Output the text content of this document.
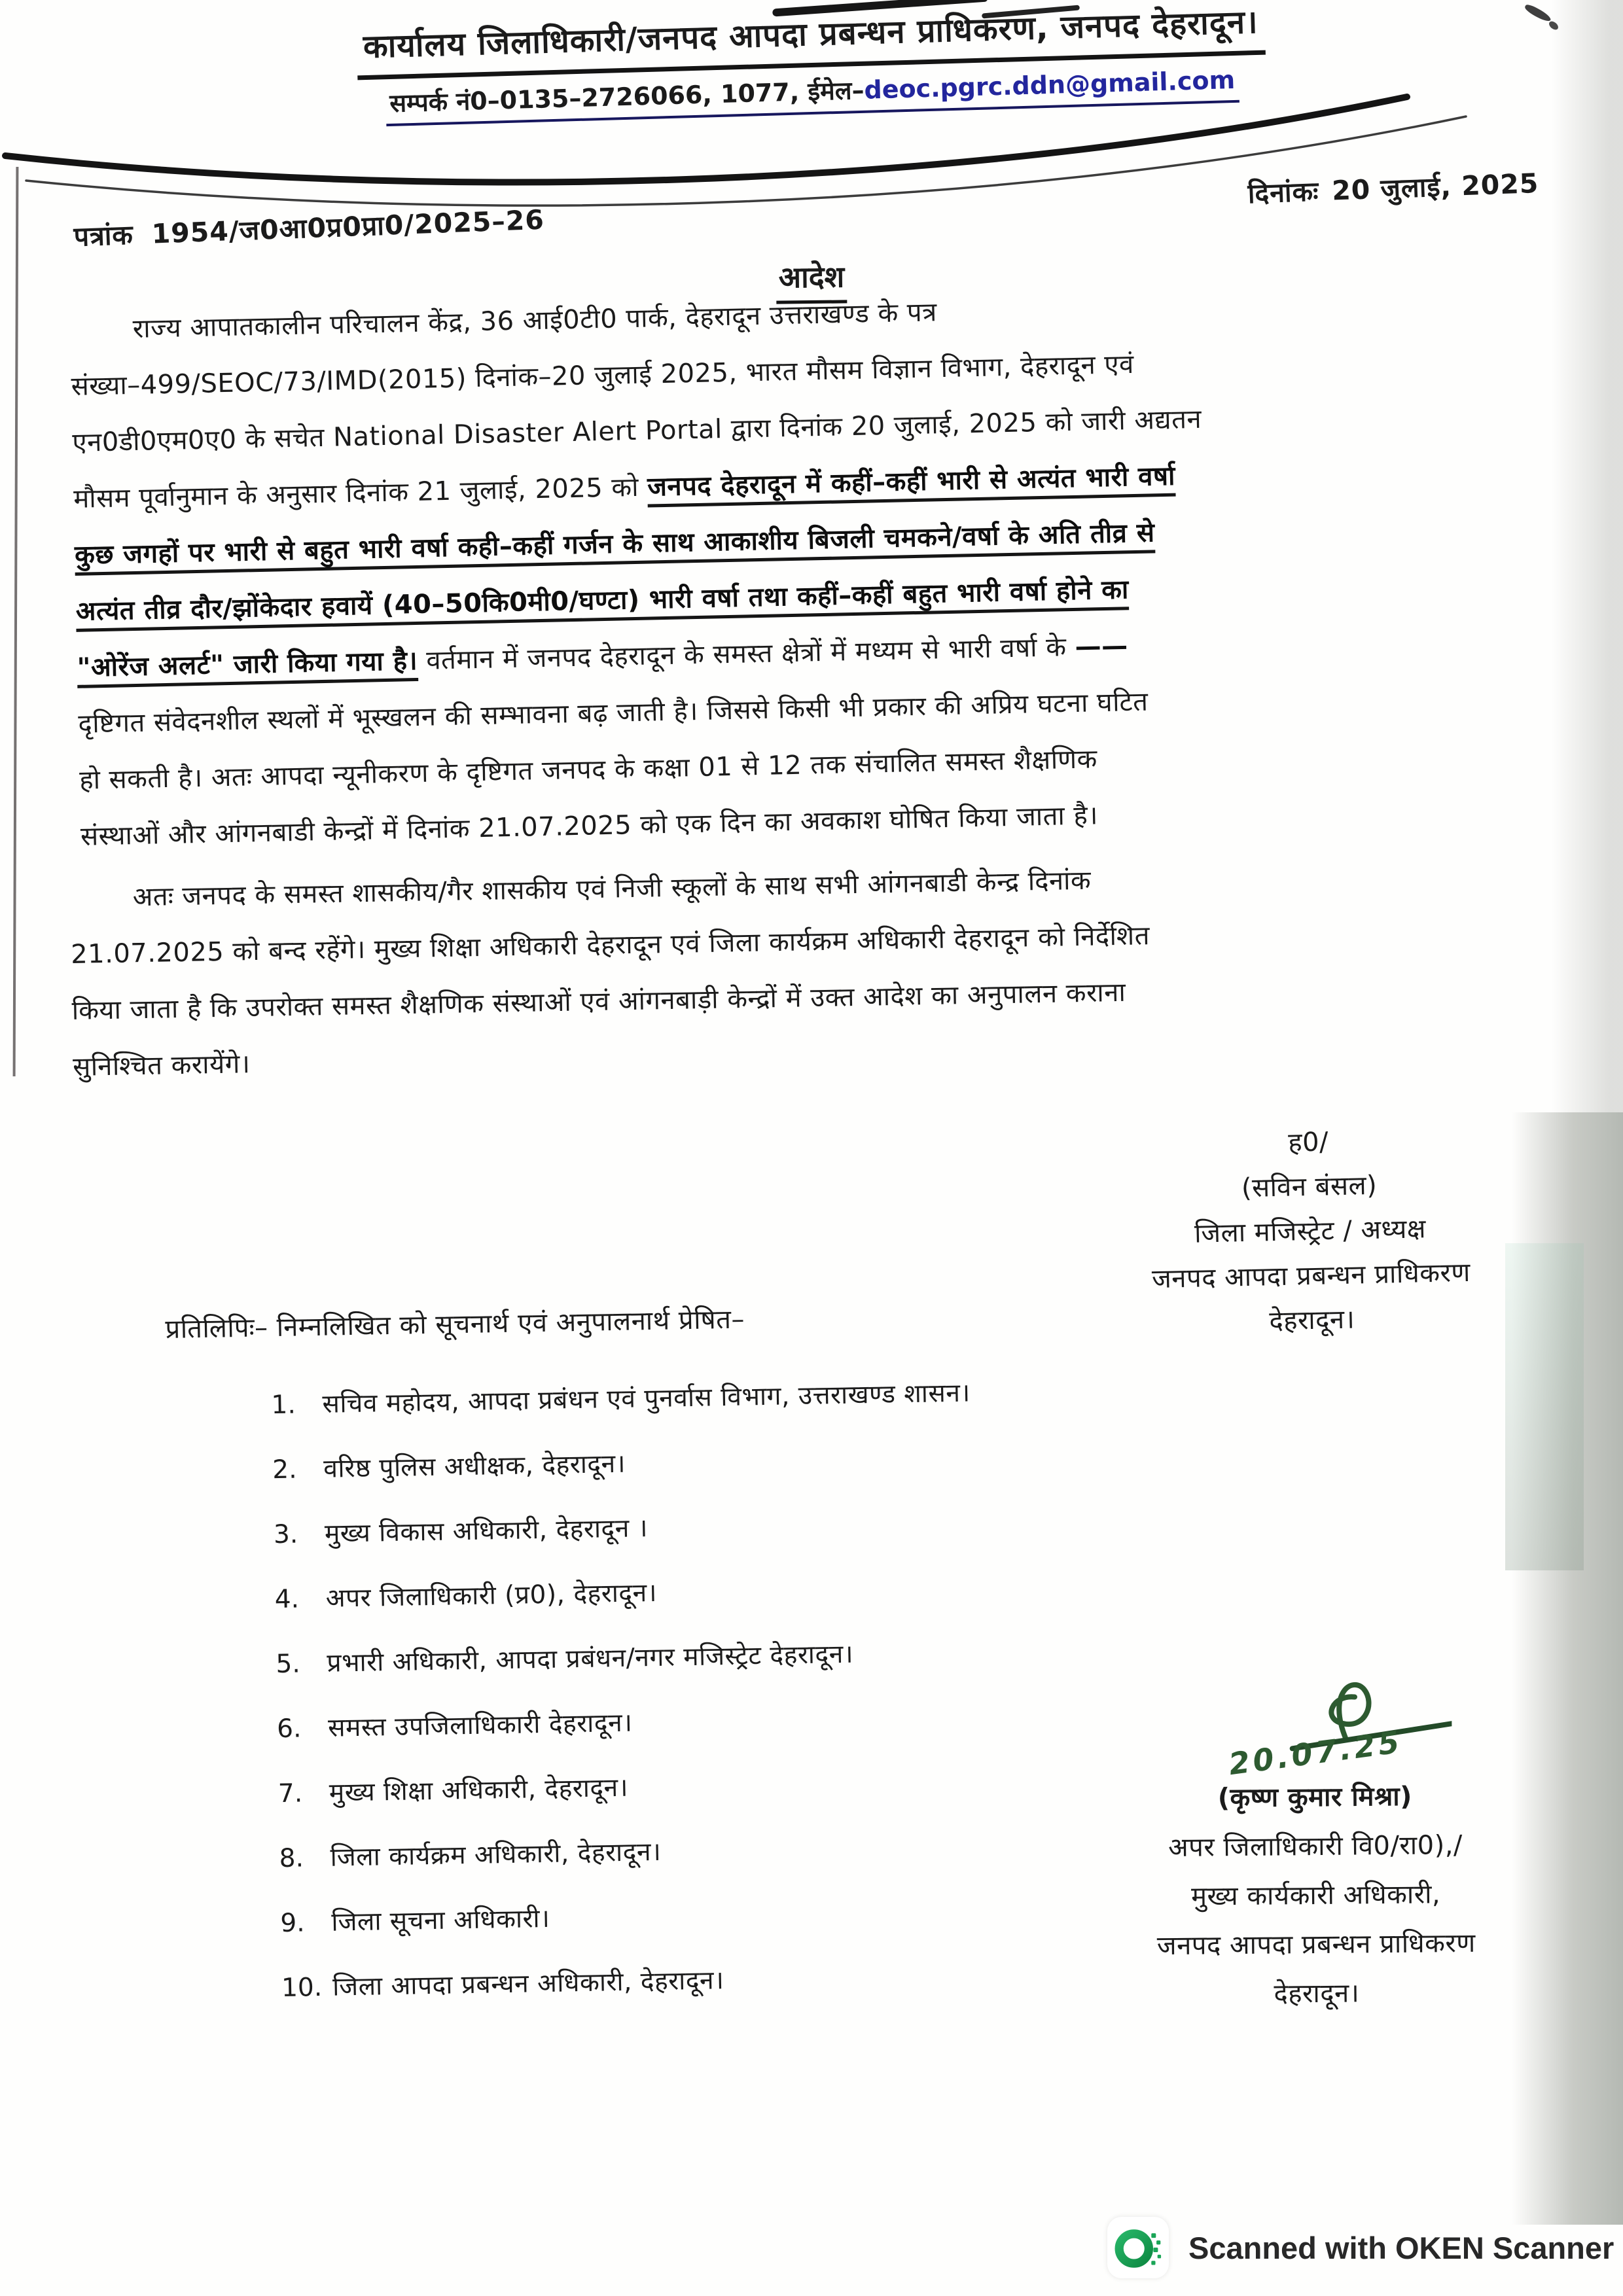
कार्यालय जिलाधिकारी/जनपद आपदा प्रबन्धन प्राधिकरण, जनपद देहरादून।
सम्पर्क नं0–0135–2726066, 1077, ईमेल–deoc.pgrc.ddn@gmail.com
पत्रांक 1954/ज0आ0प्र0प्रा0/2025–26
दिनांकः 20 जुलाई, 2025
आदेश
राज्य आपातकालीन परिचालन केंद्र, 36 आई0टी0 पार्क, देहरादून उत्तराखण्ड के पत्र
संख्या–499/SEOC/73/IMD(2015) दिनांक–20 जुलाई 2025, भारत मौसम विज्ञान विभाग, देहरादून एवं
एन0डी0एम0ए0 के सचेत National Disaster Alert Portal द्वारा दिनांक 20 जुलाई, 2025 को जारी अद्यतन
मौसम पूर्वानुमान के अनुसार दिनांक 21 जुलाई, 2025 को जनपद देहरादून में कहीं–कहीं भारी से अत्यंत भारी वर्षा
कुछ जगहों पर भारी से बहुत भारी वर्षा कही–कहीं गर्जन के साथ आकाशीय बिजली चमकने/वर्षा के अति तीव्र से
अत्यंत तीव्र दौर/झोंकेदार हवायें (40–50कि0मी0/घण्टा) भारी वर्षा तथा कहीं–कहीं बहुत भारी वर्षा होने का
"ओरेंज अलर्ट" जारी किया गया है। वर्तमान में जनपद देहरादून के समस्त क्षेत्रों में मध्यम से भारी वर्षा के ——
दृष्टिगत संवेदनशील स्थलों में भूस्खलन की सम्भावना बढ़ जाती है। जिससे किसी भी प्रकार की अप्रिय घटना घटित
हो सकती है। अतः आपदा न्यूनीकरण के दृष्टिगत जनपद के कक्षा 01 से 12 तक संचालित समस्त शैक्षणिक
संस्थाओं और आंगनबाडी केन्द्रों में दिनांक 21.07.2025 को एक दिन का अवकाश घोषित किया जाता है।
अतः जनपद के समस्त शासकीय/गैर शासकीय एवं निजी स्कूलों के साथ सभी आंगनबाडी केन्द्र दिनांक
21.07.2025 को बन्द रहेंगे। मुख्य शिक्षा अधिकारी देहरादून एवं जिला कार्यक्रम अधिकारी देहरादून को निर्देशित
किया जाता है कि उपरोक्त समस्त शैक्षणिक संस्थाओं एवं आंगनबाड़ी केन्द्रों में उक्त आदेश का अनुपालन कराना
सुनिश्चित करायेंगे।
ह0/
(सविन बंसल)
जिला मजिस्ट्रेट / अध्यक्ष
जनपद आपदा प्रबन्धन प्राधिकरण
देहरादून।
प्रतिलिपिः– निम्नलिखित को सूचनार्थ एवं अनुपालनार्थ प्रेषित–
1.	सचिव महोदय, आपदा प्रबंधन एवं पुनर्वास विभाग, उत्तराखण्ड शासन।
2.	वरिष्ठ पुलिस अधीक्षक, देहरादून।
3.	मुख्य विकास अधिकारी, देहरादून ।
4.	अपर जिलाधिकारी (प्र0), देहरादून।
5.	प्रभारी अधिकारी, आपदा प्रबंधन/नगर मजिस्ट्रेट देहरादून।
6.	समस्त उपजिलाधिकारी देहरादून।
7.	मुख्य शिक्षा अधिकारी, देहरादून।
8.	जिला कार्यक्रम अधिकारी, देहरादून।
9.	जिला सूचना अधिकारी।
10. जिला आपदा प्रबन्धन अधिकारी, देहरादून।
20.07.25
(कृष्ण कुमार मिश्रा)
अपर जिलाधिकारी वि0/रा0),/
मुख्य कार्यकारी अधिकारी,
जनपद आपदा प्रबन्धन प्राधिकरण
देहरादून।
Scanned with OKEN Scanner
